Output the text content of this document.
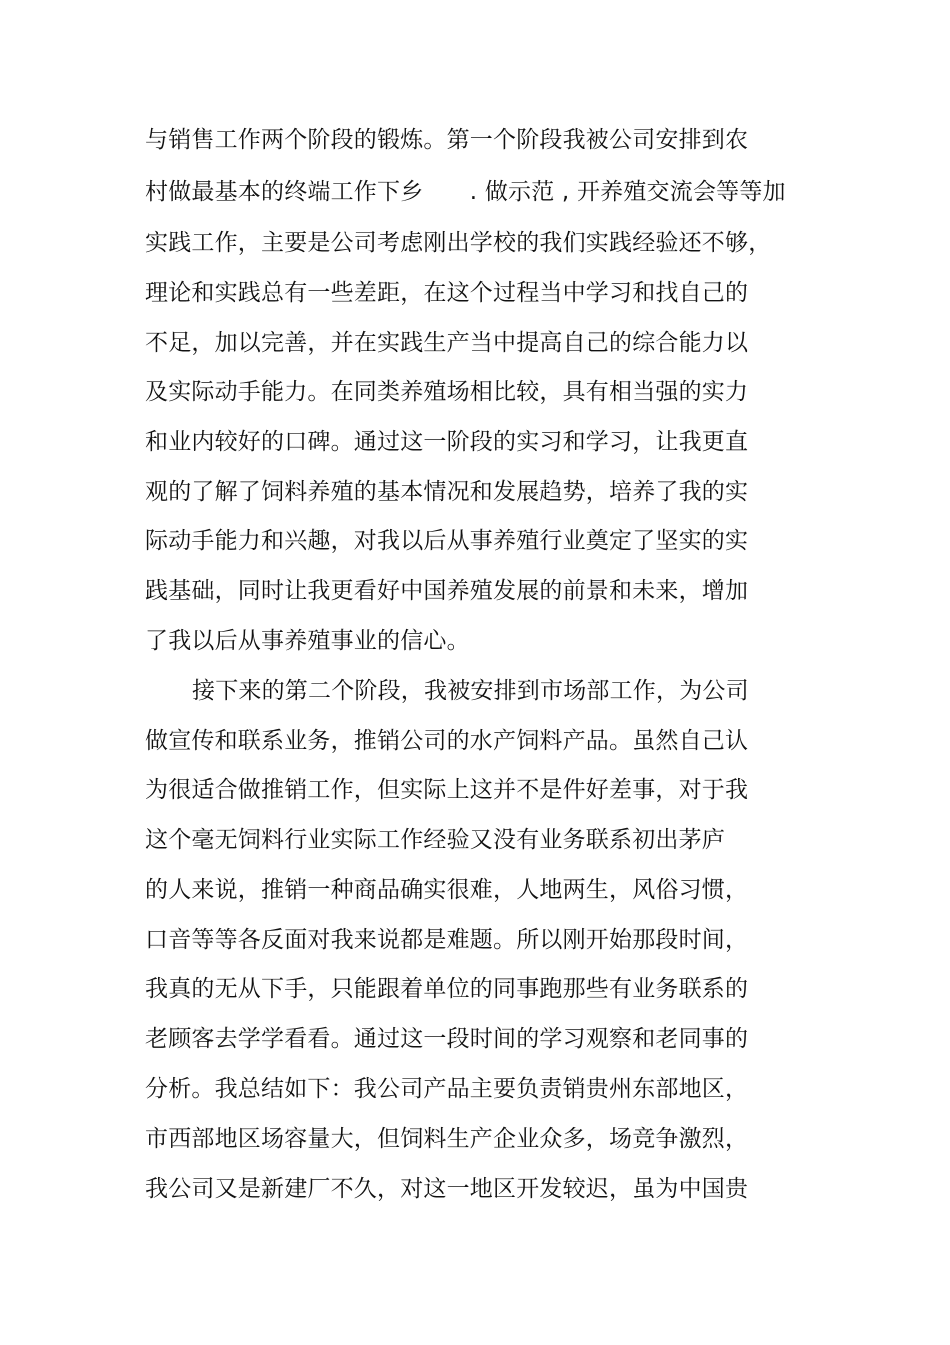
与销售工作两个阶段的锻炼。第一个阶段我被公司安排到农
村做最基本的终端工作下乡　　. 做示范 , 开养殖交流会等等加
实践工作，主要是公司考虑刚出学校的我们实践经验还不够，
理论和实践总有一些差距，在这个过程当中学习和找自己的
不足，加以完善，并在实践生产当中提高自己的综合能力以
及实际动手能力。在同类养殖场相比较，具有相当强的实力
和业内较好的口碑。通过这一阶段的实习和学习，让我更直
观的了解了饲料养殖的基本情况和发展趋势，培养了我的实
际动手能力和兴趣，对我以后从事养殖行业奠定了坚实的实
践基础，同时让我更看好中国养殖发展的前景和未来，增加
了我以后从事养殖事业的信心。
接下来的第二个阶段，我被安排到市场部工作，为公司
做宣传和联系业务，推销公司的水产饲料产品。虽然自己认
为很适合做推销工作，但实际上这并不是件好差事，对于我
这个毫无饲料行业实际工作经验又没有业务联系初出茅庐
的人来说，推销一种商品确实很难，人地两生，风俗习惯，
口音等等各反面对我来说都是难题。所以刚开始那段时间，
我真的无从下手，只能跟着单位的同事跑那些有业务联系的
老顾客去学学看看。通过这一段时间的学习观察和老同事的
分析。我总结如下：我公司产品主要负责销贵州东部地区，
市西部地区场容量大，但饲料生产企业众多，场竞争激烈，
我公司又是新建厂不久，对这一地区开发较迟，虽为中国贵
